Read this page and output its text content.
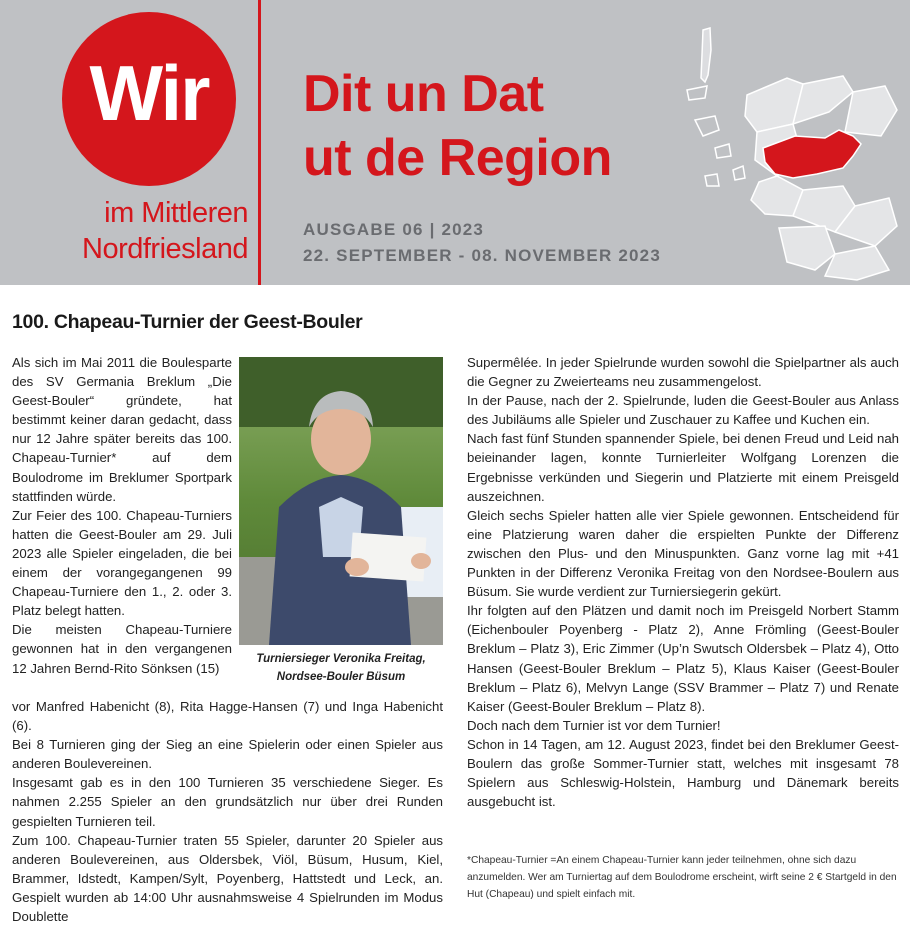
Wir
im Mittleren
Nordfriesland
Dit un Dat
ut de Region
AUSGABE 06 | 2023
22. SEPTEMBER - 08. NOVEMBER 2023
100. Chapeau-Turnier der Geest-Bouler

Als sich im Mai 2011 die Boulesparte des SV Germania Breklum „Die Geest-Bouler“ gründete, hat bestimmt keiner daran gedacht, dass nur 12 Jahre später bereits das 100. Chapeau-Turnier* auf dem Boulodrome im Breklumer Sportpark stattfinden würde.

Zur Feier des 100. Chapeau-Turniers hatten die Geest-Bouler am 29. Juli 2023 alle Spieler eingeladen, die bei einem der vorangegangenen 99 Chapeau-Turniere den 1., 2. oder 3. Platz belegt hatten.

Die meisten Chapeau-Turniere gewonnen hat in den vergangenen 12 Jahren Bernd-Rito Sönksen (15)

Turniersieger Veronika Freitag,
Nordsee-Bouler Büsum

vor Manfred Habenicht (8), Rita Hagge-Hansen (7) und Inga Habenicht (6).

Bei 8 Turnieren ging der Sieg an eine Spielerin oder einen Spieler aus anderen Boulevereinen.

Insgesamt gab es in den 100 Turnieren 35 verschiedene Sieger. Es nahmen 2.255 Spieler an den grundsätzlich nur über drei Runden gespielten Turnieren teil.

Zum 100. Chapeau-Turnier traten 55 Spieler, darunter 20 Spieler aus anderen Boulevereinen, aus Oldersbek, Viöl, Büsum, Husum, Kiel, Brammer, Idstedt, Kampen/Sylt, Poyenberg, Hattstedt und Leck, an. Gespielt wurden ab 14:00 Uhr ausnahmsweise 4 Spielrunden im Modus Doublette

Supermêlée. In jeder Spielrunde wurden sowohl die Spielpartner als auch die Gegner zu Zweierteams neu zusammengelost.

In der Pause, nach der 2. Spielrunde, luden die Geest-Bouler aus Anlass des Jubiläums alle Spieler und Zuschauer zu Kaffee und Kuchen ein.

Nach fast fünf Stunden spannender Spiele, bei denen Freud und Leid nah beieinander lagen, konnte Turnierleiter Wolfgang Lorenzen die Ergebnisse verkünden und Siegerin und Platzierte mit einem Preisgeld auszeichnen.

Gleich sechs Spieler hatten alle vier Spiele gewonnen. Entscheidend für eine Platzierung waren daher die erspielten Punkte der Differenz zwischen den Plus- und den Minuspunkten. Ganz vorne lag mit +41 Punkten in der Differenz Veronika Freitag von den Nordsee-Boulern aus Büsum. Sie wurde verdient zur Turniersiegerin gekürt.

Ihr folgten auf den Plätzen und damit noch im Preisgeld Norbert Stamm (Eichenbouler Poyenberg - Platz 2), Anne Frömling (Geest-Bouler Breklum – Platz 3), Eric Zimmer (Up’n Swutsch Oldersbek – Platz 4), Otto Hansen (Geest-Bouler Breklum – Platz 5), Klaus Kaiser (Geest-Bouler Breklum – Platz 6), Melvyn Lange (SSV Brammer – Platz 7) und Renate Kaiser (Geest-Bouler Breklum – Platz 8).

Doch nach dem Turnier ist vor dem Turnier!

Schon in 14 Tagen, am 12. August 2023, findet bei den Breklumer Geest-Boulern das große Sommer-Turnier statt, welches mit insgesamt 78 Spielern aus Schleswig-Holstein, Hamburg und Dänemark bereits ausgebucht ist.

*Chapeau-Turnier =An einem Chapeau-Turnier kann jeder teilnehmen, ohne sich dazu anzumelden. Wer am Turniertag auf dem Boulodrome erscheint, wirft seine 2 € Startgeld in den Hut (Chapeau) und spielt einfach mit.
